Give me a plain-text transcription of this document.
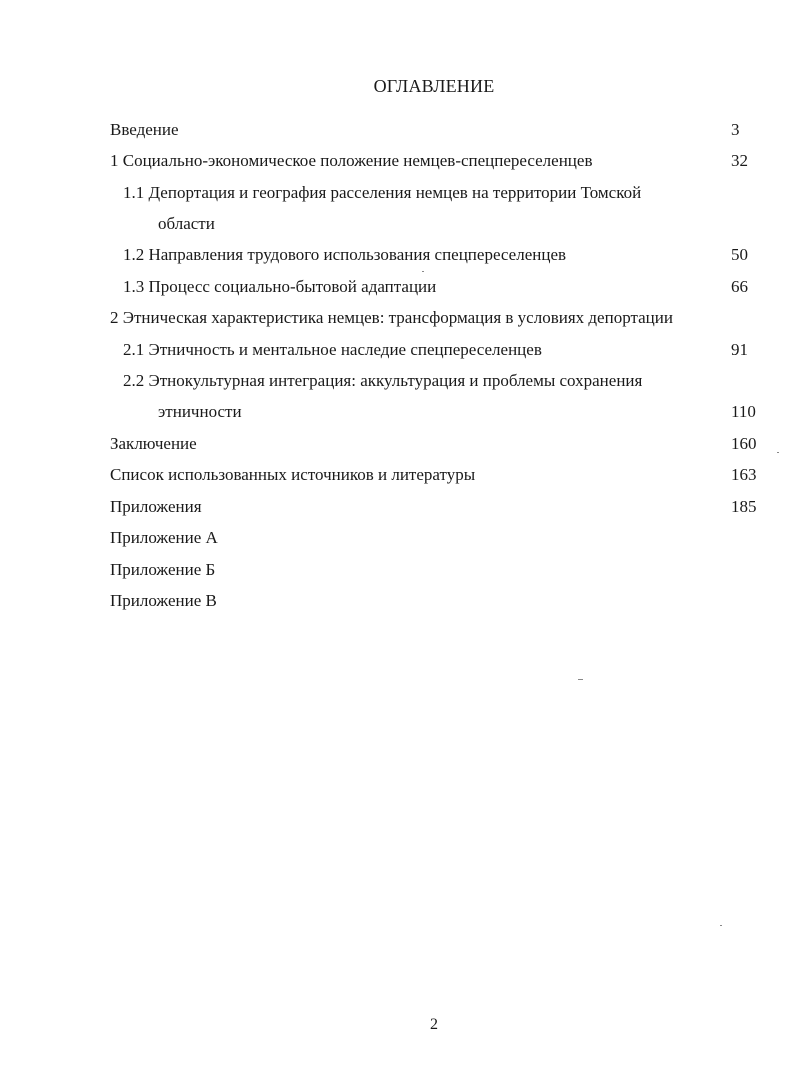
ОГЛАВЛЕНИЕ
Введение	3
1 Социально-экономическое положение немцев-спецпереселенцев	32
1.1 Депортация и география расселения немцев на территории Томской
области
1.2 Направления трудового использования спецпереселенцев	50
1.3 Процесс социально-бытовой адаптации	66
2 Этническая характеристика немцев: трансформация в условиях депортации
2.1 Этничность и ментальное наследие спецпереселенцев	91
2.2 Этнокультурная интеграция: аккультурация и проблемы сохранения
этничности	110
Заключение	160
Список использованных источников и литературы	163
Приложения	185
Приложение А
Приложение Б
Приложение В
2
